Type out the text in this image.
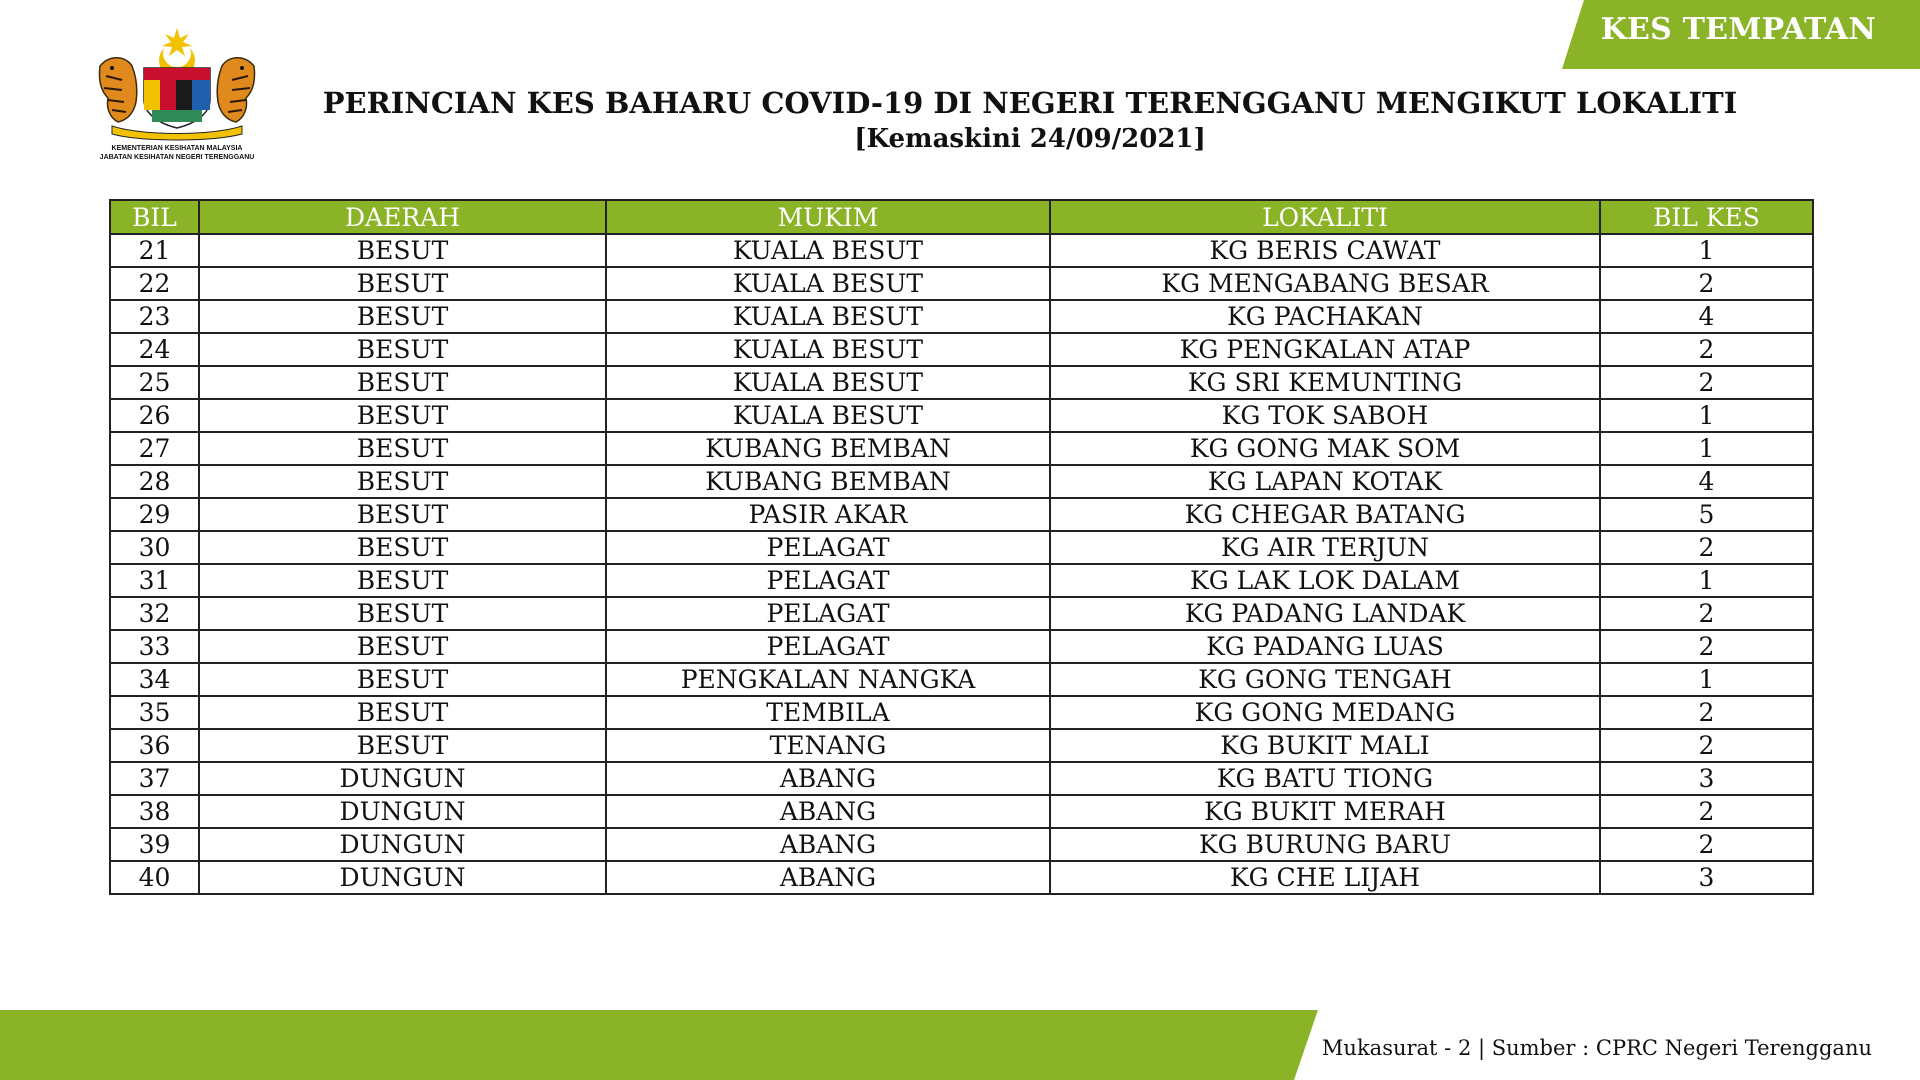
KES TEMPATAN
KEMENTERIAN KESIHATAN MALAYSIA
JABATAN KESIHATAN NEGERI TERENGGANU
PERINCIAN KES BAHARU COVID-19 DI NEGERI TERENGGANU MENGIKUT LOKALITI
[Kemaskini 24/09/2021]
BIL	DAERAH	MUKIM	LOKALITI	BIL KES
21	BESUT	KUALA BESUT	KG BERIS CAWAT	1
22	BESUT	KUALA BESUT	KG MENGABANG BESAR	2
23	BESUT	KUALA BESUT	KG PACHAKAN	4
24	BESUT	KUALA BESUT	KG PENGKALAN ATAP	2
25	BESUT	KUALA BESUT	KG SRI KEMUNTING	2
26	BESUT	KUALA BESUT	KG TOK SABOH	1
27	BESUT	KUBANG BEMBAN	KG GONG MAK SOM	1
28	BESUT	KUBANG BEMBAN	KG LAPAN KOTAK	4
29	BESUT	PASIR AKAR	KG CHEGAR BATANG	5
30	BESUT	PELAGAT	KG AIR TERJUN	2
31	BESUT	PELAGAT	KG LAK LOK DALAM	1
32	BESUT	PELAGAT	KG PADANG LANDAK	2
33	BESUT	PELAGAT	KG PADANG LUAS	2
34	BESUT	PENGKALAN NANGKA	KG GONG TENGAH	1
35	BESUT	TEMBILA	KG GONG MEDANG	2
36	BESUT	TENANG	KG BUKIT MALI	2
37	DUNGUN	ABANG	KG BATU TIONG	3
38	DUNGUN	ABANG	KG BUKIT MERAH	2
39	DUNGUN	ABANG	KG BURUNG BARU	2
40	DUNGUN	ABANG	KG CHE LIJAH	3
Mukasurat - 2 | Sumber : CPRC Negeri Terengganu
